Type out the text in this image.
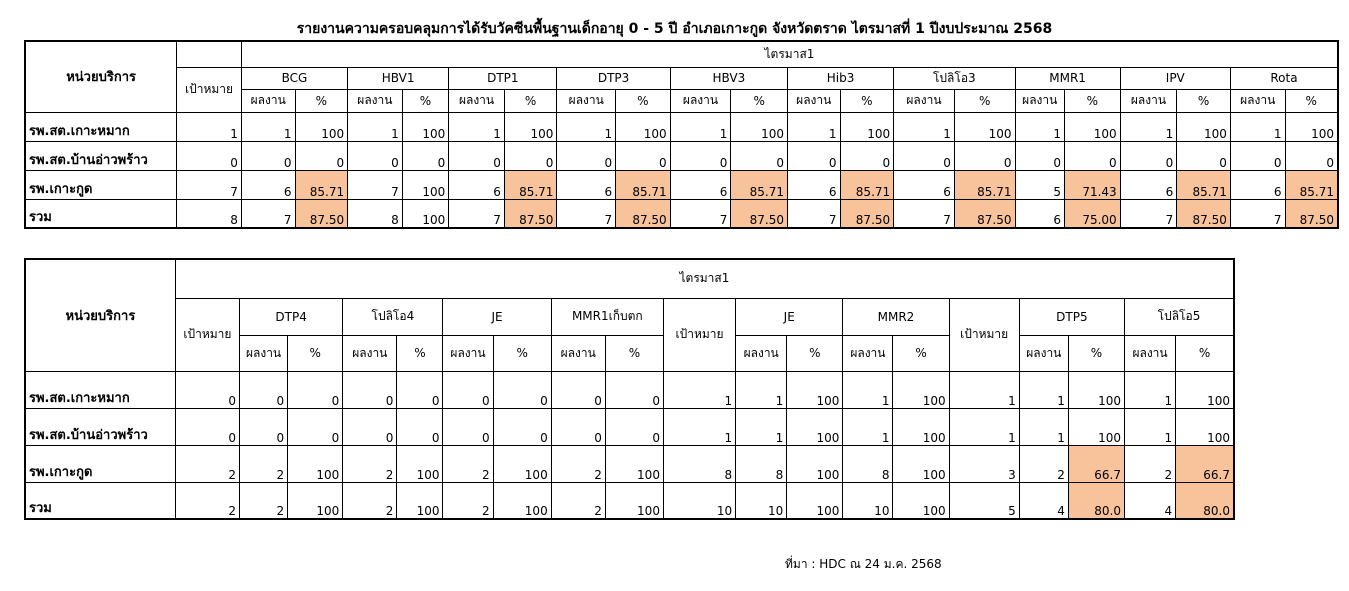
รายงานความครอบคลุมการได้รับวัคซีนพื้นฐานเด็กอายุ 0 - 5 ปี อำเภอเกาะกูด จังหวัดตราด ไตรมาสที่ 1 ปีงบประมาณ 2568
หน่วยบริการ		ไตรมาส1																			
	เป้าหมาย	BCG		HBV1		DTP1		DTP3		HBV3		Hib3		โปลิโอ3		MMR1		IPV		Rota	
		ผลงาน	%	ผลงาน	%	ผลงาน	%	ผลงาน	%	ผลงาน	%	ผลงาน	%	ผลงาน	%	ผลงาน	%	ผลงาน	%	ผลงาน	%
รพ.สต.เกาะหมาก	1	1	100	1	100	1	100	1	100	1	100	1	100	1	100	1	100	1	100	1	100
รพ.สต.บ้านอ่าวพร้าว	0	0	0	0	0	0	0	0	0	0	0	0	0	0	0	0	0	0	0	0	0
รพ.เกาะกูด	7	6	85.71	7	100	6	85.71	6	85.71	6	85.71	6	85.71	6	85.71	5	71.43	6	85.71	6	85.71
รวม	8	7	87.50	8	100	7	87.50	7	87.50	7	87.50	7	87.50	7	87.50	6	75.00	7	87.50	7	87.50
หน่วยบริการ	ไตรมาส1																		
	เป้าหมาย	DTP4		โปลิโอ4		JE		MMR1เก็บตก		เป้าหมาย	JE		MMR2		เป้าหมาย	DTP5		โปลิโอ5	
		ผลงาน	%	ผลงาน	%	ผลงาน	%	ผลงาน	%		ผลงาน	%	ผลงาน	%		ผลงาน	%	ผลงาน	%
รพ.สต.เกาะหมาก	0	0	0	0	0	0	0	0	0	1	1	100	1	100	1	1	100	1	100
รพ.สต.บ้านอ่าวพร้าว	0	0	0	0	0	0	0	0	0	1	1	100	1	100	1	1	100	1	100
รพ.เกาะกูด	2	2	100	2	100	2	100	2	100	8	8	100	8	100	3	2	66.7	2	66.7
รวม	2	2	100	2	100	2	100	2	100	10	10	100	10	100	5	4	80.0	4	80.0
ที่มา : HDC ณ 24 ม.ค. 2568
